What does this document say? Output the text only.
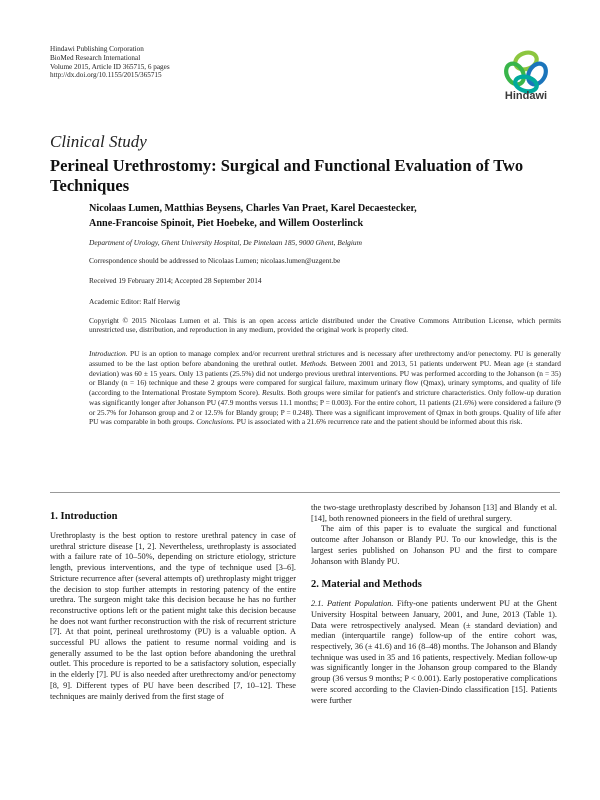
Hindawi Publishing Corporation
BioMed Research International
Volume 2015, Article ID 365715, 6 pages
http://dx.doi.org/10.1155/2015/365715
Hindawi
Clinical Study
Perineal Urethrostomy: Surgical and Functional Evaluation of Two Techniques
Nicolaas Lumen, Matthias Beysens, Charles Van Praet, Karel Decaestecker,
Anne-Francoise Spinoit, Piet Hoebeke, and Willem Oosterlinck
Department of Urology, Ghent University Hospital, De Pintelaan 185, 9000 Ghent, Belgium
Correspondence should be addressed to Nicolaas Lumen; nicolaas.lumen@uzgent.be
Received 19 February 2014; Accepted 28 September 2014
Academic Editor: Ralf Herwig
Copyright © 2015 Nicolaas Lumen et al. This is an open access article distributed under the Creative Commons Attribution License, which permits unrestricted use, distribution, and reproduction in any medium, provided the original work is properly cited.
Introduction. PU is an option to manage complex and/or recurrent urethral strictures and is necessary after urethrectomy and/or penectomy. PU is generally assumed to be the last option before abandoning the urethral outlet. Methods. Between 2001 and 2013, 51 patients underwent PU. Mean age (± standard deviation) was 60 ± 15 years. Only 13 patients (25.5%) did not undergo previous urethral interventions. PU was performed according to the Johanson (n = 35) or Blandy (n = 16) technique and these 2 groups were compared for surgical failure, maximum urinary flow (Qmax), urinary symptoms, and quality of life (according to the International Prostate Symptom Score). Results. Both groups were similar for patient's and stricture characteristics. Only follow-up duration was significantly longer after Johanson PU (47.9 months versus 11.1 months; P = 0.003). For the entire cohort, 11 patients (21.6%) were considered a failure (9 or 25.7% for Johanson group and 2 or 12.5% for Blandy group; P = 0.248). There was a significant improvement of Qmax in both groups. Quality of life after PU was comparable in both groups. Conclusions. PU is associated with a 21.6% recurrence rate and the patient should be informed about this risk.
1. Introduction

Urethroplasty is the best option to restore urethral patency in case of urethral stricture disease [1, 2]. Nevertheless, urethroplasty is associated with a failure rate of 10–50%, depending on stricture etiology, stricture length, previous interventions, and the type of technique used [3–6]. Stricture recurrence after (several attempts of) urethroplasty might trigger the decision to stop further attempts in restoring patency of the entire urethra. The surgeon might take this decision because he has no further reconstructive options left or the patient might take this decision because he does not want further reconstruction with the risk of recurrent stricture [7]. At that point, perineal urethrostomy (PU) is a valuable option. A successful PU allows the patient to resume normal voiding and is generally assumed to be the last option before abandoning the urethral outlet. This procedure is reported to be a satisfactory solution, especially in the elderly [7]. PU is also needed after urethrectomy and/or penectomy [8, 9]. Different types of PU have been described [7, 10–12]. These techniques are mainly derived from the first stage of

the two-stage urethroplasty described by Johanson [13] and Blandy et al. [14], both renowned pioneers in the field of urethral surgery.

The aim of this paper is to evaluate the surgical and functional outcome after Johanson or Blandy PU. To our knowledge, this is the largest series published on Johanson PU and the first to compare Johanson with Blandy PU.

2. Material and Methods

2.1. Patient Population. Fifty-one patients underwent PU at the Ghent University Hospital between January, 2001, and June, 2013 (Table 1). Data were retrospectively analysed. Mean (± standard deviation) and median (interquartile range) follow-up of the entire cohort was, respectively, 36 (± 41.6) and 16 (8–48) months. The Johanson and Blandy technique was used in 35 and 16 patients, respectively. Median follow-up was significantly longer in the Johanson group compared to the Blandy group (36 versus 9 months; P < 0.001). Early postoperative complications were scored according to the Clavien-Dindo classification [15]. Patients were further
